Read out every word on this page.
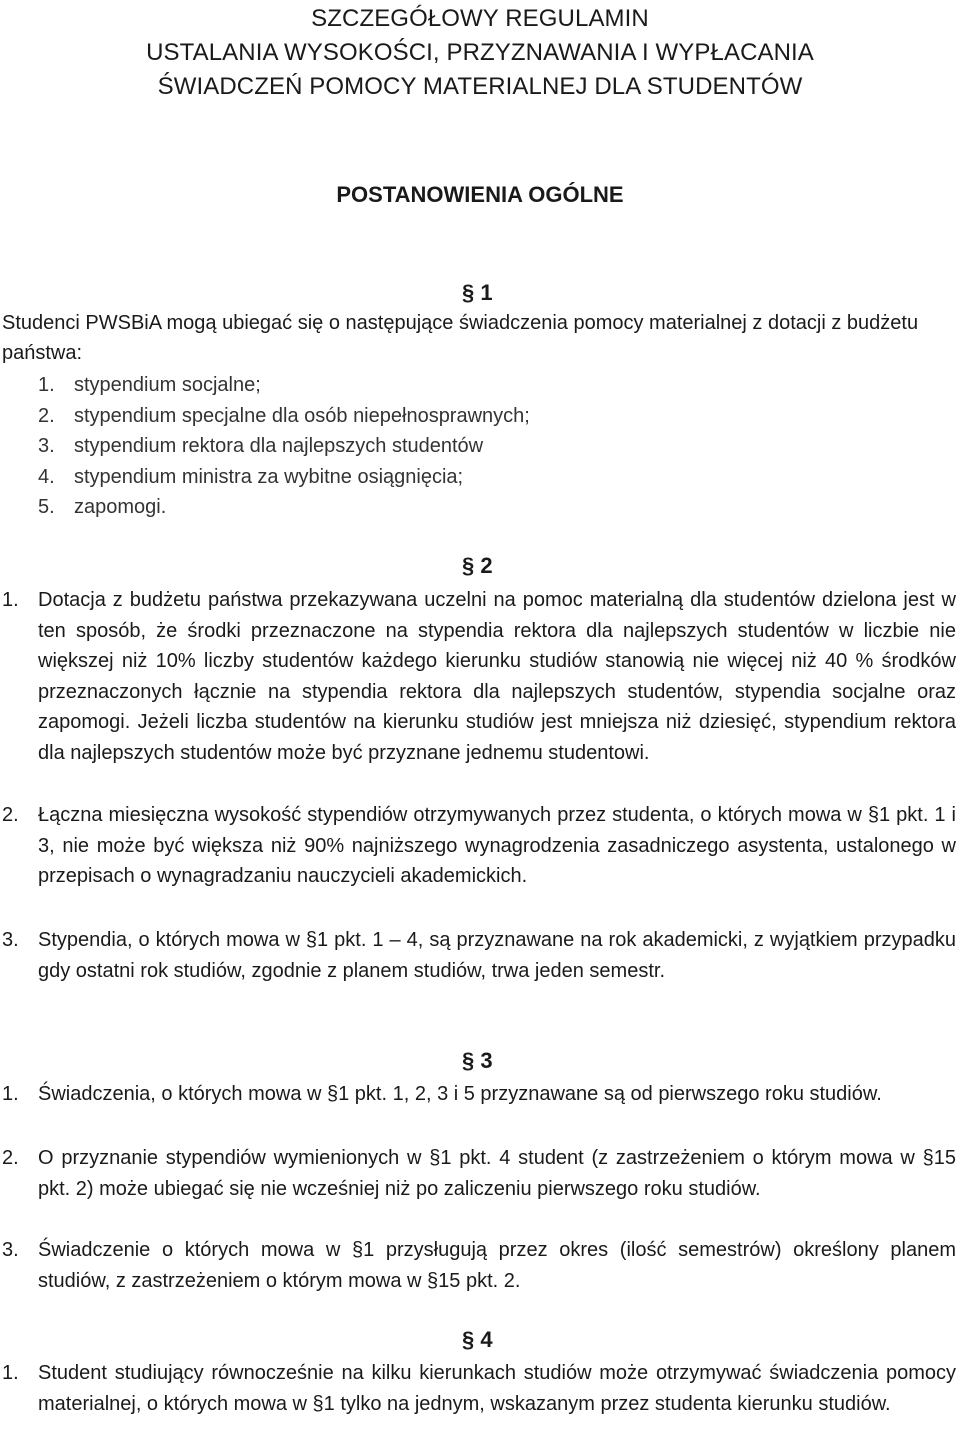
SZCZEGÓŁOWY REGULAMIN
USTALANIA WYSOKOŚCI, PRZYZNAWANIA I WYPŁACANIA
ŚWIADCZEŃ POMOCY MATERIALNEJ DLA STUDENTÓW
POSTANOWIENIA OGÓLNE
§ 1
Studenci PWSBiA mogą ubiegać się o następujące świadczenia pomocy materialnej z dotacji z budżetu państwa:
1. stypendium socjalne;
2. stypendium specjalne dla osób niepełnosprawnych;
3. stypendium rektora dla najlepszych studentów
4. stypendium ministra za wybitne osiągnięcia;
5. zapomogi.
§ 2
1. Dotacja z budżetu państwa przekazywana uczelni na pomoc materialną dla studentów dzielona jest w ten sposób, że środki przeznaczone na stypendia rektora dla najlepszych studentów w liczbie nie większej niż 10% liczby studentów każdego kierunku studiów stanowią nie więcej niż 40 % środków przeznaczonych łącznie na stypendia rektora dla najlepszych studentów, stypendia socjalne oraz zapomogi. Jeżeli liczba studentów na kierunku studiów jest mniejsza niż dziesięć, stypendium rektora dla najlepszych studentów może być przyznane jednemu studentowi.
2. Łączna miesięczna wysokość stypendiów otrzymywanych przez studenta, o których mowa w §1 pkt. 1 i 3, nie może być większa niż 90% najniższego wynagrodzenia zasadniczego asystenta, ustalonego w przepisach o wynagradzaniu nauczycieli akademickich.
3. Stypendia, o których mowa w §1 pkt. 1 – 4, są przyznawane na rok akademicki, z wyjątkiem przypadku gdy ostatni rok studiów, zgodnie z planem studiów, trwa jeden semestr.
§ 3
1. Świadczenia, o których mowa w §1 pkt. 1, 2, 3 i 5 przyznawane są od pierwszego roku studiów.
2. O przyznanie stypendiów wymienionych w §1 pkt. 4 student (z zastrzeżeniem o którym mowa w §15 pkt. 2) może ubiegać się nie wcześniej niż po zaliczeniu pierwszego roku studiów.
3. Świadczenie o których mowa w §1 przysługują przez okres (ilość semestrów) określony planem studiów, z zastrzeżeniem o którym mowa w §15 pkt. 2.
§ 4
1. Student studiujący równocześnie na kilku kierunkach studiów może otrzymywać świadczenia pomocy materialnej, o których mowa w §1 tylko na jednym, wskazanym przez studenta kierunku studiów.
